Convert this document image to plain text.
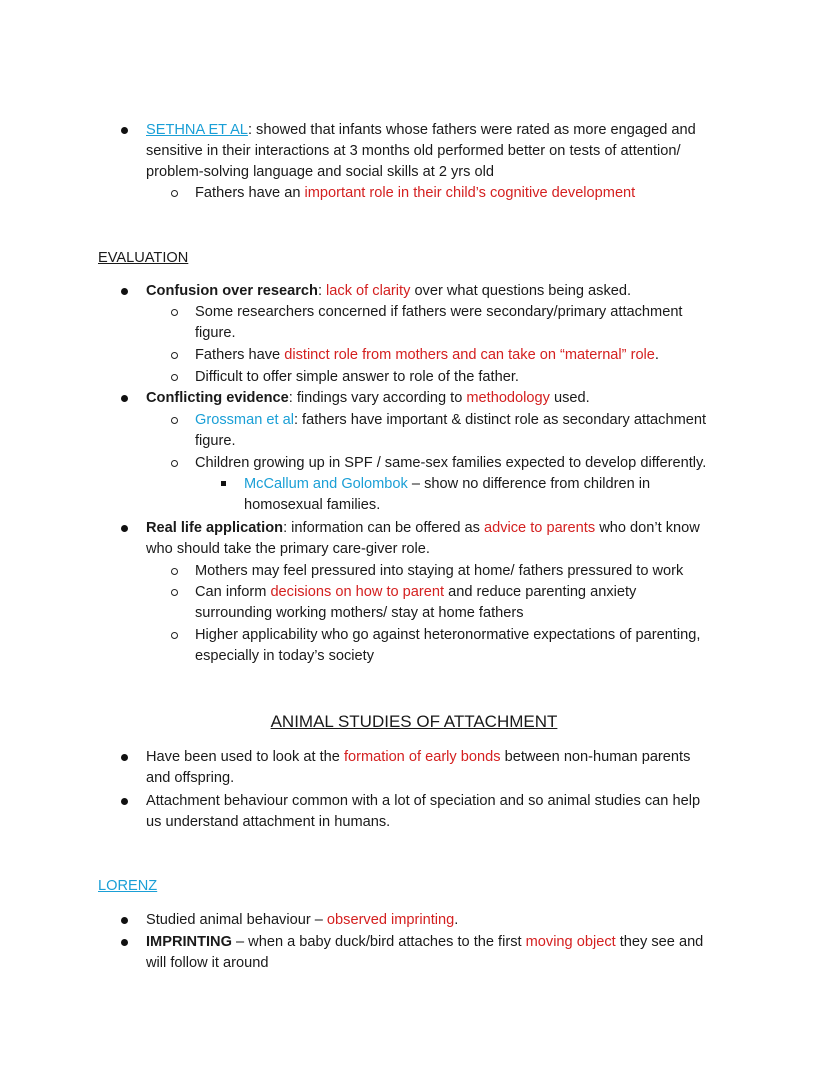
SETHNA ET AL: showed that infants whose fathers were rated as more engaged and
sensitive in their interactions at 3 months old performed better on tests of attention/
problem-solving language and social skills at 2 yrs old
Fathers have an important role in their child’s cognitive development
EVALUATION
Confusion over research: lack of clarity over what questions being asked.
Some researchers concerned if fathers were secondary/primary attachment
figure.
Fathers have distinct role from mothers and can take on “maternal” role.
Difficult to offer simple answer to role of the father.
Conflicting evidence: findings vary according to methodology used.
Grossman et al: fathers have important & distinct role as secondary attachment
figure.
Children growing up in SPF / same-sex families expected to develop differently.
McCallum and Golombok – show no difference from children in
homosexual families.
Real life application: information can be offered as advice to parents who don’t know
who should take the primary care-giver role.
Mothers may feel pressured into staying at home/ fathers pressured to work
Can inform decisions on how to parent and reduce parenting anxiety
surrounding working mothers/ stay at home fathers
Higher applicability who go against heteronormative expectations of parenting,
especially in today’s society
ANIMAL STUDIES OF ATTACHMENT
Have been used to look at the formation of early bonds between non-human parents
and offspring.
Attachment behaviour common with a lot of speciation and so animal studies can help
us understand attachment in humans.
LORENZ
Studied animal behaviour – observed imprinting.
IMPRINTING – when a baby duck/bird attaches to the first moving object they see and
will follow it around
